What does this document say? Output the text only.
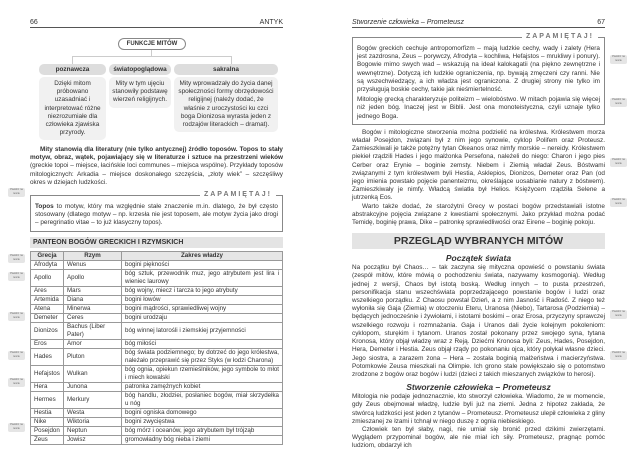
66	ANTYK
FUNKCJE MITÓW
poznawcza
Dzięki mitom próbowano uzasadniać i interpretować różne niezrozumiałe dla człowieka zjawiska przyrody.
światopoglądowa
Mity w tym ujęciu stanowiły podstawę wierzeń religijnych.
sakralna
Mity wprowadzały do życia danej społeczności formy obrzędowości religijnej (należy dodać, że właśnie z uroczystości ku czci boga Dionizosa wyrasta jeden z rodzajów literackich – dramat).

Mity stanowią dla literatury (nie tylko antycznej) źródło toposów. Topos to stały motyw, obraz, wątek, pojawiający się w literaturze i sztuce na przestrzeni wieków (greckie topoi – miejsce, łacińskie loci communes – miejsca wspólne). Przykłady toposów mitologicznych: Arkadia – miejsce doskonałego szczęścia, „złoty wiek” – szczęśliwy okres w dziejach ludzkości.

ZAPAMIĘTAJ!
Topos to motyw, który ma względnie stałe znaczenie m.in. dlatego, że był często stosowany (dlatego motyw – np. krzesła nie jest toposem, ale motyw życia jako drogi – peregrinatio vitae – to już klasyczny topos).
PANTEON BOGÓW GRECKICH I RZYMSKICH
Grecja	Rzym	Zakres władzy
Afrodyta	Wenus	bogini piękności
Apollo	Apollo	bóg sztuk, przewodnik muz, jego atrybutem jest lira i wieniec laurowy
Ares	Mars	bóg wojny, miecz i tarcza to jego atrybuty
Artemida	Diana	bogini łowów
Atena	Minerwa	bogini mądrości, sprawiedliwej wojny
Demeter	Ceres	bogini urodzaju
Dionizos	Bachus (Liber Pater)	bóg winnej latorośli i ziemskiej przyjemności
Eros	Amor	bóg miłości
Hades	Pluton	bóg świata podziemnego; by dotrzeć do jego królestwa, należało przeprawić się przez Styks (w łodzi Charona)
Hefajstos	Wulkan	bóg ognia, opiekun rzemieślników, jego symbole to młot i miech kowalski
Hera	Junona	patronka zamężnych kobiet
Hermes	Merkury	bóg handlu, złodziei, posłaniec bogów, miał skrzydełka u nóg
Hestia	Westa	bogini ogniska domowego
Nike	Wiktoria	bogini zwycięstwa
Posejdon	Neptun	bóg mórz i oceanów, jego atrybutem był trójząb
Zeus	Jowisz	gromowładny bóg nieba i ziemi
Powtórz na teście
Powtórz na teście
Powtórz na teście
Powtórz na teście
Powtórz na teście
Powtórz na teście
Powtórz na teście
Stworzenie człowieka – Prometeusz	67
ZAPAMIĘTAJ!

Bogów greckich cechuje antropomorfizm – mają ludzkie cechy, wady i zalety (Hera jest zazdrosna, Zeus – porywczy, Afrodyta – kochliwa, Hefajstos – mrukliwy i ponury). Bogowie mimo swych wad – wskazują na ideał kalokagatii (na piękno zewnętrzne i wewnętrzne). Dotyczą ich ludzkie ograniczenia, np. bywają zmęczeni czy ranni. Nie są wszechwiedzący, a ich władza jest ograniczona. Z drugiej strony nie tylko im przysługują boskie cechy, takie jak nieśmiertelność.

Mitologię grecką charakteryzuje politeizm – wielobóstwo. W mitach pojawia się więcej niż jeden bóg. Inaczej jest w Biblii. Jest ona monoteistyczna, czyli uznaje tylko jednego Boga.

Bogów i mitologiczne stworzenia można podzielić na królestwa. Królestwem morza władał Posejdon, związani był z nim jego synowie, cyklop Polifem oraz Proteusz. Zamieszkiwali je także potężny tytan Okeanos oraz nimfy morskie – nereidy. Królestwem piekieł rządzili Hades i jego małżonka Persefona, należeli do niego: Charon i jego pies Cerber oraz Erynie – boginie zemsty. Niebem i Ziemią władał Zeus. Bóstwami związanymi z tym królestwem byli Hestia, Asklepios, Dionizos, Demeter oraz Pan (od jego imienia powstało pojęcie panenteizmu, określające uosabianie natury z bóstwem). Zamieszkiwały je nimfy. Władcą światła był Helios. Księżycem rządziła Selene a jutrzenką Eos.

Warto także dodać, że starożytni Grecy w postaci bogów przedstawiali istotne abstrakcyjne pojęcia związane z kwestiami społecznymi. Jako przykład można podać Temidę, boginię prawa, Dike – patronkę sprawiedliwości oraz Eirene – boginię pokoju.

PRZEGLĄD WYBRANYCH MITÓW
Początek świata

Na początku był Chaos… – tak zaczyna się mityczna opowieść o powstaniu świata (zespół mitów, które mówią o pochodzeniu świata, nazywamy kosmogonią). Według jednej z wersji, Chaos był istotą boską. Według innych – to pusta przestrzeń, personifikacja stanu wszechświata poprzedzającego powstanie bogów i ludzi oraz wszelkiego porządku. Z Chaosu powstał Dzień, a z nim Jasność i Radość. Z niego też wyłoniła się Gaja (Ziemia) w otoczeniu Eteru, Uranosa (Niebo), Tartarosa (Podziemia) – będących jednocześnie i żywiołami, i istotami boskimi – oraz Erosa, przyczyny sprawczej wszelkiego rozwoju i rozmnażania. Gaja i Uranos dali życie kolejnym pokoleniom: cyklopom, sturękim i tytanom. Uranos został pokonany przez swojego syna, tytana Kronosa, który objął władzę wraz z Reją. Dziećmi Kronosa byli: Zeus, Hades, Posejdon, Hera, Demeter i Hestia. Zeus objął rządy po pokonaniu ojca, który połykał własne dzieci. Jego siostra, a zarazem żona – Hera – została boginią małżeństwa i macierzyństwa. Potomkowie Zeusa mieszkali na Olimpie. Ich grono stale powiększało się o potomstwo zrodzone z bogów oraz bogów i ludzi (dzieci z takich mieszanych związków to herosi).

Stworzenie człowieka – Prometeusz

Mitologia nie podaje jednoznacznie, kto stworzył człowieka. Wiadomo, że w momencie, gdy Zeus obejmował władzę, ludzie byli już na ziemi. Jedna z hipotez zakłada, że stwórcą ludzkości jest jeden z tytanów – Prometeusz. Prometeusz ulepił człowieka z gliny zmieszanej ze łzami i tchnął w niego duszę z ognia niebieskiego.

Człowiek ten był słaby, nagi, nie umiał się bronić przed dzikimi zwierzętami. Wyglądem przypominał bogów, ale nie miał ich siły. Prometeusz, pragnąc pomóc ludziom, obdarzył ich

Powtórz na teście
Powtórz na teście
Powtórz na teście
Powtórz na teście
Powtórz na teście
Powtórz na teście
